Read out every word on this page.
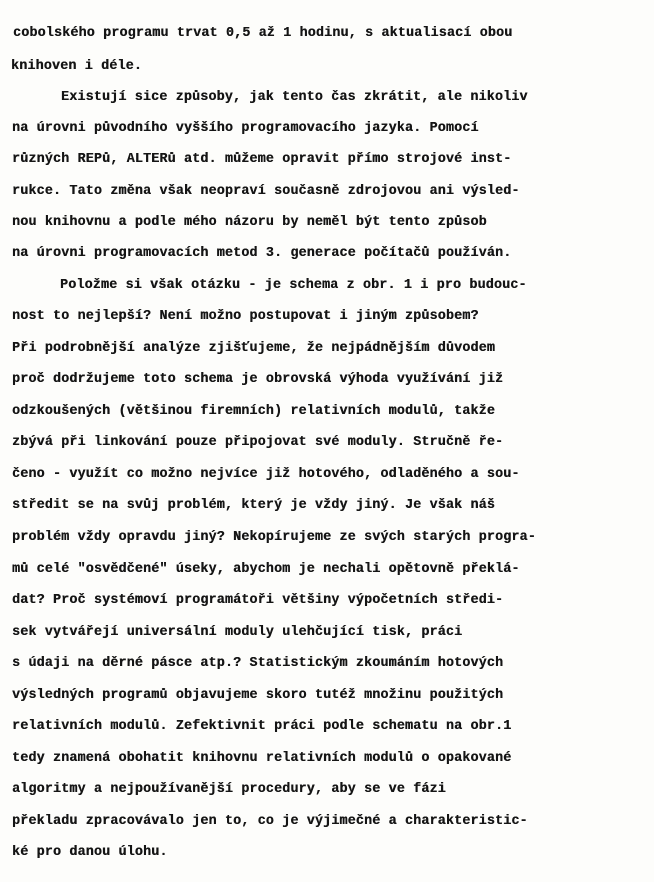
cobolského programu trvat 0,5 až 1 hodinu, s aktualisací obou
knihoven i déle.
Existují sice způsoby, jak tento čas zkrátit, ale nikoliv
na úrovni původního vyššího programovacího jazyka. Pomocí
různých REPů, ALTERů atd. můžeme opravit přímo strojové inst-
rukce. Tato změna však neopraví současně zdrojovou ani výsled-
nou knihovnu a podle mého názoru by neměl být tento způsob
na úrovni programovacích metod 3. generace počítačů používán.
Položme si však otázku - je schema z obr. 1 i pro budouc-
nost to nejlepší? Není možno postupovat i jiným způsobem?
Při podrobnější analýze zjišťujeme, že nejpádnějším důvodem
proč dodržujeme toto schema je obrovská výhoda využívání již
odzkoušených (většinou firemních) relativních modulů, takže
zbývá při linkování pouze připojovat své moduly. Stručně ře-
čeno - využít co možno nejvíce již hotového, odladěného a sou-
středit se na svůj problém, který je vždy jiný. Je však náš
problém vždy opravdu jiný? Nekopírujeme ze svých starých progra-
mů celé "osvědčené" úseky, abychom je nechali opětovně překlá-
dat? Proč systémoví programátoři většiny výpočetních středi-
sek vytvářejí universální moduly ulehčující tisk, práci
s údaji na děrné pásce atp.? Statistickým zkoumáním hotových
výsledných programů objavujeme skoro tutéž množinu použitých
relativních modulů. Zefektivnit práci podle schematu na obr.1
tedy znamená obohatit knihovnu relativních modulů o opakované
algoritmy a nejpoužívanější procedury, aby se ve fázi
překladu zpracovávalo jen to, co je výjimečné a charakteristic-
ké pro danou úlohu.
